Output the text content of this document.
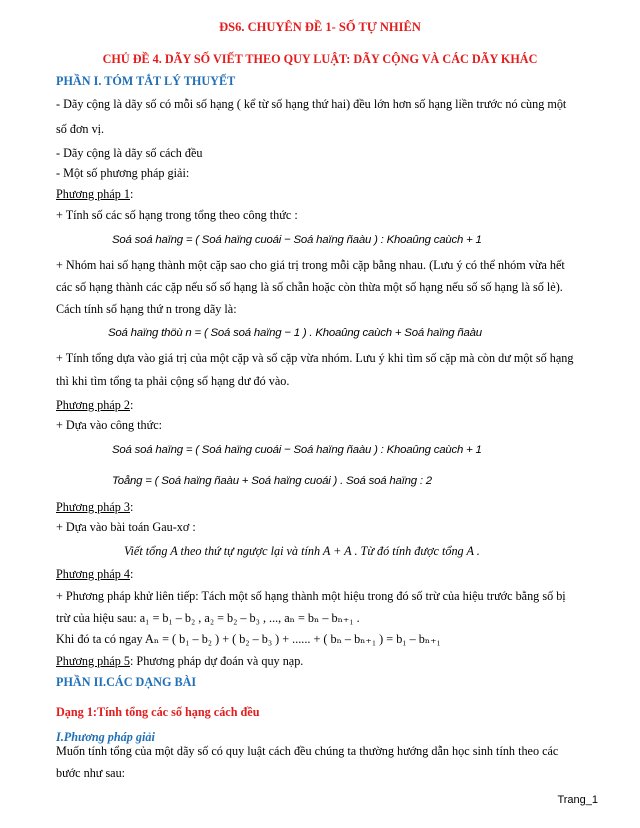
ĐS6. CHUYÊN ĐỀ 1- SỐ TỰ NHIÊN
CHỦ ĐỀ 4. DÃY SỐ VIẾT THEO QUY LUẬT: DÃY CỘNG VÀ CÁC DÃY KHÁC
PHẦN I. TÓM TẮT LÝ THUYẾT
- Dãy cộng là dãy số có mỗi số hạng ( kể từ số hạng thứ hai) đều lớn hơn số hạng liền trước nó cùng một
số đơn vị.
- Dãy cộng là dãy số cách đều
- Một số phương pháp giải:
Phương pháp 1:
+ Tính số các số hạng trong tổng theo công thức :
Soá soá haïng = ( Soá haïng cuoái − Soá haïng ñaàu ) : Khoaûng caùch + 1
+ Nhóm hai số hạng thành một cặp sao cho giá trị trong mỗi cặp bằng nhau. (Lưu ý có thể nhóm vừa hết
các số hạng thành các cặp nếu số số hạng là số chẵn hoặc còn thừa một số hạng nếu số số hạng là số lẻ).
Cách tính số hạng thứ n trong dãy là:
Soá haïng thöù n = ( Soá soá haïng − 1 ) . Khoaûng caùch + Soá haïng ñaàu
+ Tính tổng dựa vào giá trị của một cặp và số cặp vừa nhóm. Lưu ý khi tìm số cặp mà còn dư một số hạng
thì khi tìm tổng ta phải cộng số hạng dư đó vào.
Phương pháp 2:
+ Dựa vào công thức:
Soá soá haïng = ( Soá haïng cuoái − Soá haïng ñaàu ) : Khoaûng caùch + 1
Toång = ( Soá haïng ñaàu + Soá haïng cuoái ) . Soá soá haïng : 2
Phương pháp 3:
+ Dựa vào bài toán Gau-xơ :
Viết tổng A theo thứ tự ngược lại và tính A + A . Từ đó tính được tổng A .
Phương pháp 4:
+ Phương pháp khử liên tiếp: Tách một số hạng thành một hiệu trong đó số trừ của hiệu trước bằng số bị
trừ của hiệu sau: a₁ = b₁ – b₂ , a₂ = b₂ – b₃ , ..., aₙ = bₙ – bₙ₊₁ .
Khi đó ta có ngay Aₙ = ( b₁ – b₂ ) + ( b₂ – b₃ ) + ...... + ( bₙ – bₙ₊₁ ) = b₁ – bₙ₊₁
Phương pháp 5: Phương pháp dự đoán và quy nạp.
PHẦN II.CÁC DẠNG BÀI
Dạng 1:Tính tổng các số hạng cách đều
I.Phương pháp giải
Muốn tính tổng của một dãy số có quy luật cách đều chúng ta thường hướng dẫn học sinh tính theo các
bước như sau:
Trang_1
